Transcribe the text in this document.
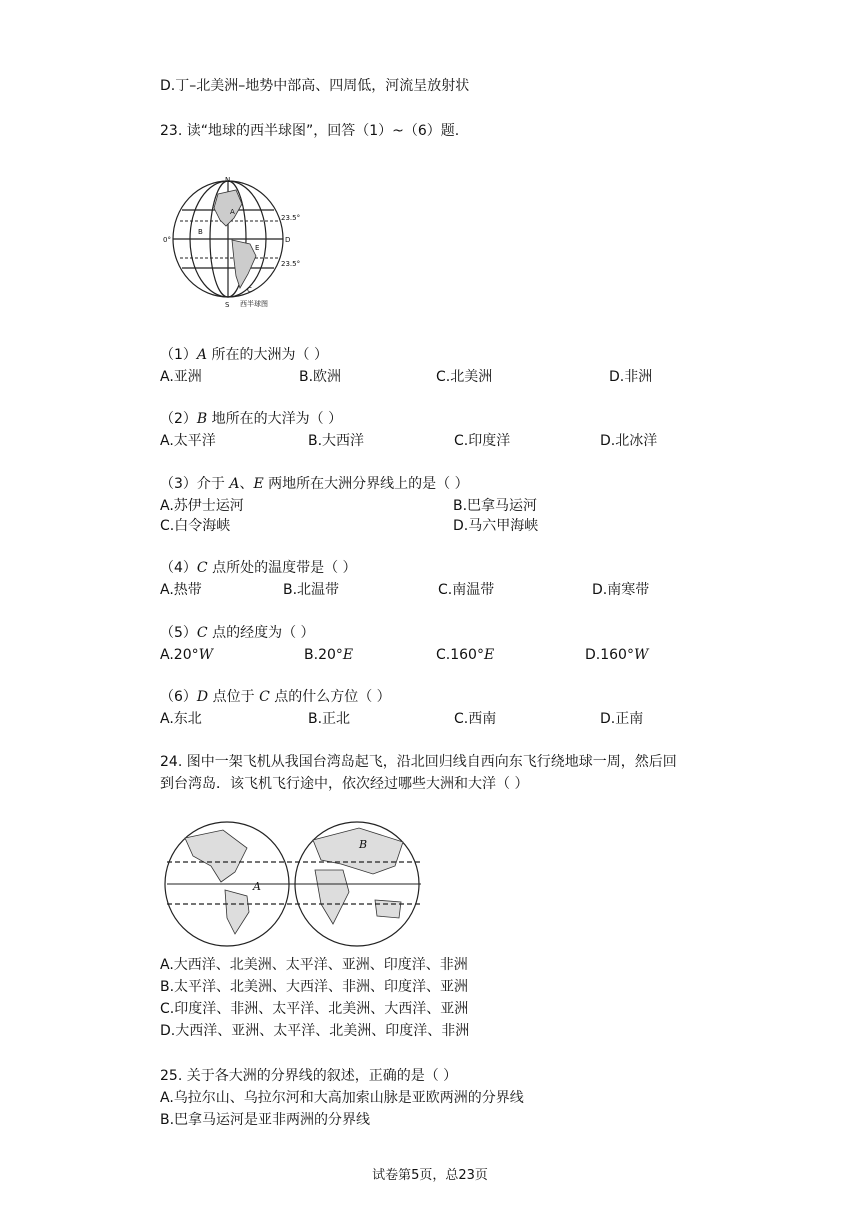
D.丁–北美洲–地势中部高、四周低，河流呈放射状
23. 读“地球的西半球图”，回答（1）~（6）题.
N
S
23.5°
23.5°
0°
A
B
E
D
C
西半球图
（1）A 所在的大洲为（ ）
A.亚洲	B.欧洲	C.北美洲	D.非洲
（2）B 地所在的大洋为（ ）
A.太平洋	B.大西洋	C.印度洋	D.北冰洋
（3）介于 A、E 两地所在大洲分界线上的是（ ）
A.苏伊士运河	B.巴拿马运河
C.白令海峡	D.马六甲海峡
（4）C 点所处的温度带是（ ）
A.热带	B.北温带	C.南温带	D.南寒带
（5）C 点的经度为（ ）
A.20°W	B.20°E	C.160°E	D.160°W
（6）D 点位于 C 点的什么方位（ ）
A.东北	B.正北	C.西南	D.正南
24. 图中一架飞机从我国台湾岛起飞，沿北回归线自西向东飞行绕地球一周，然后回
到台湾岛．该飞机飞行途中，依次经过哪些大洲和大洋（ ）
A
B
A.大西洋、北美洲、太平洋、亚洲、印度洋、非洲
B.太平洋、北美洲、大西洋、非洲、印度洋、亚洲
C.印度洋、非洲、太平洋、北美洲、大西洋、亚洲
D.大西洋、亚洲、太平洋、北美洲、印度洋、非洲
25. 关于各大洲的分界线的叙述，正确的是（ ）
A.乌拉尔山、乌拉尔河和大高加索山脉是亚欧两洲的分界线
B.巴拿马运河是亚非两洲的分界线
试卷第5页，总23页
